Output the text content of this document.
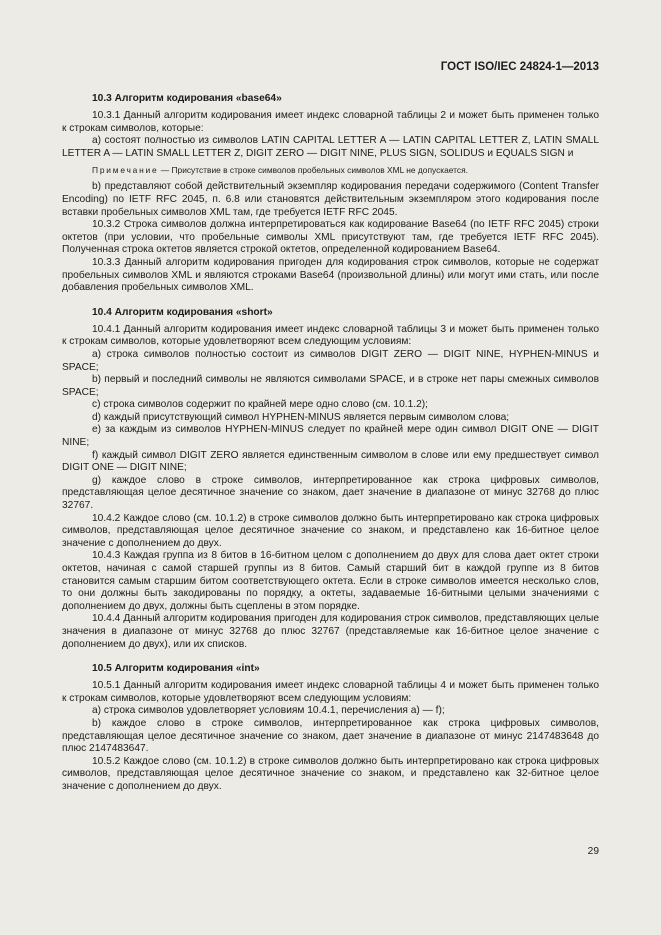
ГОСТ ISO/IEC 24824-1—2013
10.3 Алгоритм кодирования «base64»

10.3.1 Данный алгоритм кодирования имеет индекс словарной таблицы 2 и может быть применен только к строкам символов, которые:

a) состоят полностью из символов LATIN CAPITAL LETTER A — LATIN CAPITAL LETTER Z, LATIN SMALL LETTER A — LATIN SMALL LETTER Z, DIGIT ZERO — DIGIT NINE, PLUS SIGN, SOLIDUS и EQUALS SIGN и

Примечание — Присутствие в строке символов пробельных символов XML не допускается.

b) представляют собой действительный экземпляр кодирования передачи содержимого (Content Transfer Encoding) по IETF RFC 2045, п. 6.8 или становятся действительным экземпляром этого кодирования после вставки пробельных символов XML там, где требуется IETF RFC 2045.

10.3.2 Строка символов должна интерпретироваться как кодирование Base64 (по IETF RFC 2045) строки октетов (при условии, что пробельные символы XML присутствуют там, где требуется IETF RFC 2045). Полученная строка октетов является строкой октетов, определенной кодированием Base64.

10.3.3 Данный алгоритм кодирования пригоден для кодирования строк символов, которые не содержат пробельных символов XML и являются строками Base64 (произвольной длины) или могут ими стать, или после добавления пробельных символов XML.

10.4 Алгоритм кодирования «short»

10.4.1 Данный алгоритм кодирования имеет индекс словарной таблицы 3 и может быть применен только к строкам символов, которые удовлетворяют всем следующим условиям:

a) строка символов полностью состоит из символов DIGIT ZERO — DIGIT NINE, HYPHEN-MINUS и SPACE;

b) первый и последний символы не являются символами SPACE, и в строке нет пары смежных символов SPACE;

c) строка символов содержит по крайней мере одно слово (см. 10.1.2);

d) каждый присутствующий символ HYPHEN-MINUS является первым символом слова;

e) за каждым из символов HYPHEN-MINUS следует по крайней мере один символ DIGIT ONE — DIGIT NINE;

f) каждый символ DIGIT ZERO является единственным символом в слове или ему предшествует символ DIGIT ONE — DIGIT NINE;

g) каждое слово в строке символов, интерпретированное как строка цифровых символов, представляющая целое десятичное значение со знаком, дает значение в диапазоне от минус 32768 до плюс 32767.

10.4.2 Каждое слово (см. 10.1.2) в строке символов должно быть интерпретировано как строка цифровых символов, представляющая целое десятичное значение со знаком, и представлено как 16-битное целое значение с дополнением до двух.

10.4.3 Каждая группа из 8 битов в 16-битном целом с дополнением до двух для слова дает октет строки октетов, начиная с самой старшей группы из 8 битов. Самый старший бит в каждой группе из 8 битов становится самым старшим битом соответствующего октета. Если в строке символов имеется несколько слов, то они должны быть закодированы по порядку, а октеты, задаваемые 16-битными целыми значениями с дополнением до двух, должны быть сцеплены в этом порядке.

10.4.4 Данный алгоритм кодирования пригоден для кодирования строк символов, представляющих целые значения в диапазоне от минус 32768 до плюс 32767 (представляемые как 16-битное целое значение с дополнением до двух), или их списков.

10.5 Алгоритм кодирования «int»

10.5.1 Данный алгоритм кодирования имеет индекс словарной таблицы 4 и может быть применен только к строкам символов, которые удовлетворяют всем следующим условиям:

a) строка символов удовлетворяет условиям 10.4.1, перечисления a) — f);

b) каждое слово в строке символов, интерпретированное как строка цифровых символов, представляющая целое десятичное значение со знаком, дает значение в диапазоне от минус 2147483648 до плюс 2147483647.

10.5.2 Каждое слово (см. 10.1.2) в строке символов должно быть интерпретировано как строка цифровых символов, представляющая целое десятичное значение со знаком, и представлено как 32-битное целое значение с дополнением до двух.

29
